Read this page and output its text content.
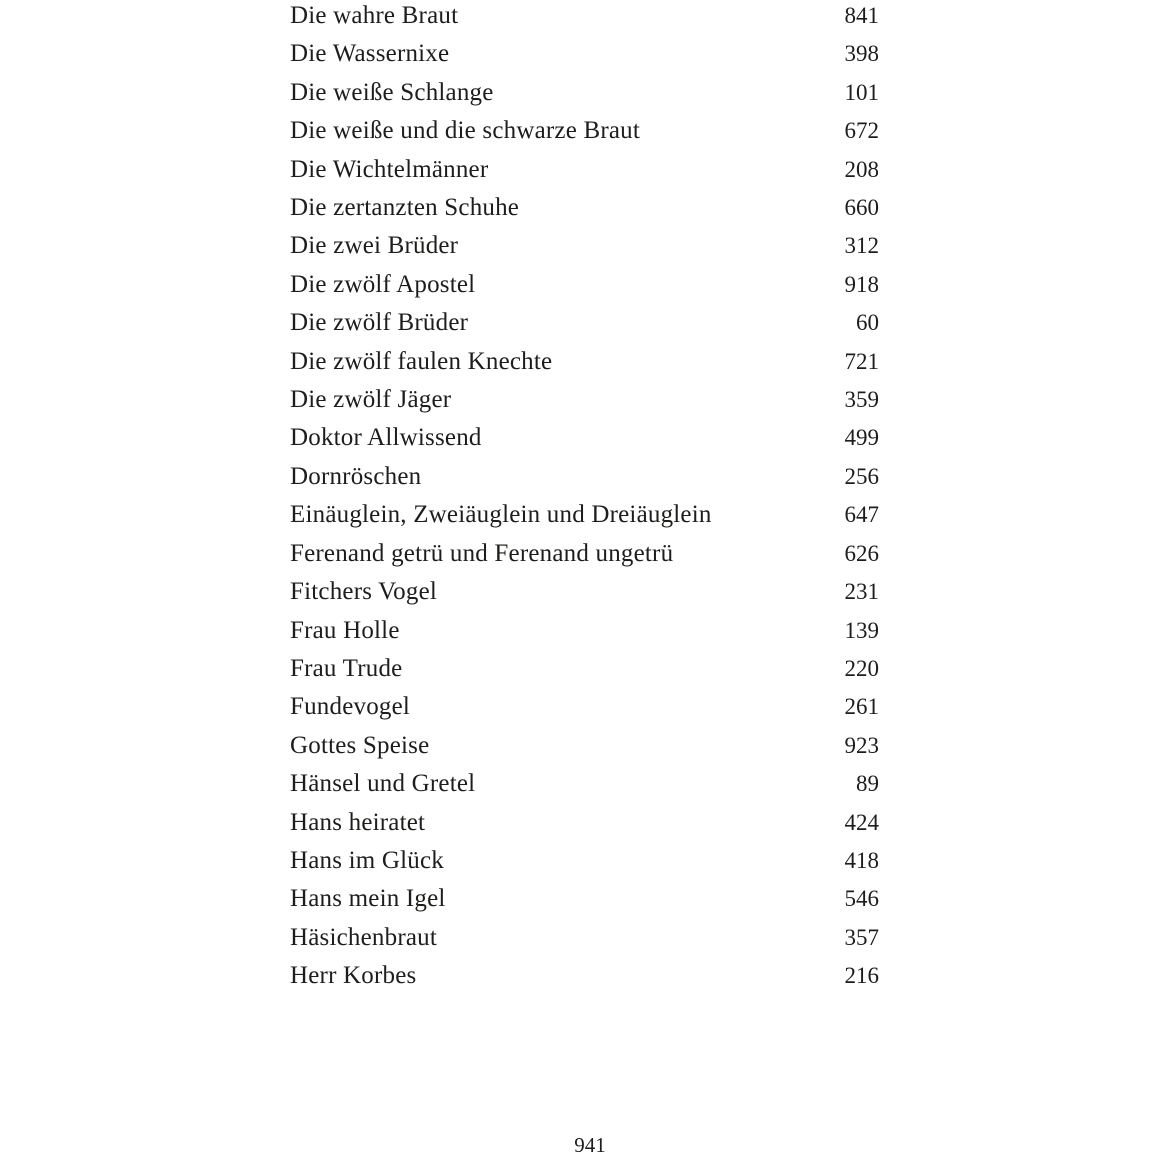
Die wahre Braut	841
Die Wassernixe	398
Die weiße Schlange	101
Die weiße und die schwarze Braut	672
Die Wichtelmänner	208
Die zertanzten Schuhe	660
Die zwei Brüder	312
Die zwölf Apostel	918
Die zwölf Brüder	60
Die zwölf faulen Knechte	721
Die zwölf Jäger	359
Doktor Allwissend	499
Dornröschen	256
Einäuglein, Zweiäuglein und Dreiäuglein	647
Ferenand getrü und Ferenand ungetrü	626
Fitchers Vogel	231
Frau Holle	139
Frau Trude	220
Fundevogel	261
Gottes Speise	923
Hänsel und Gretel	89
Hans heiratet	424
Hans im Glück	418
Hans mein Igel	546
Häsichenbraut	357
Herr Korbes	216
941
